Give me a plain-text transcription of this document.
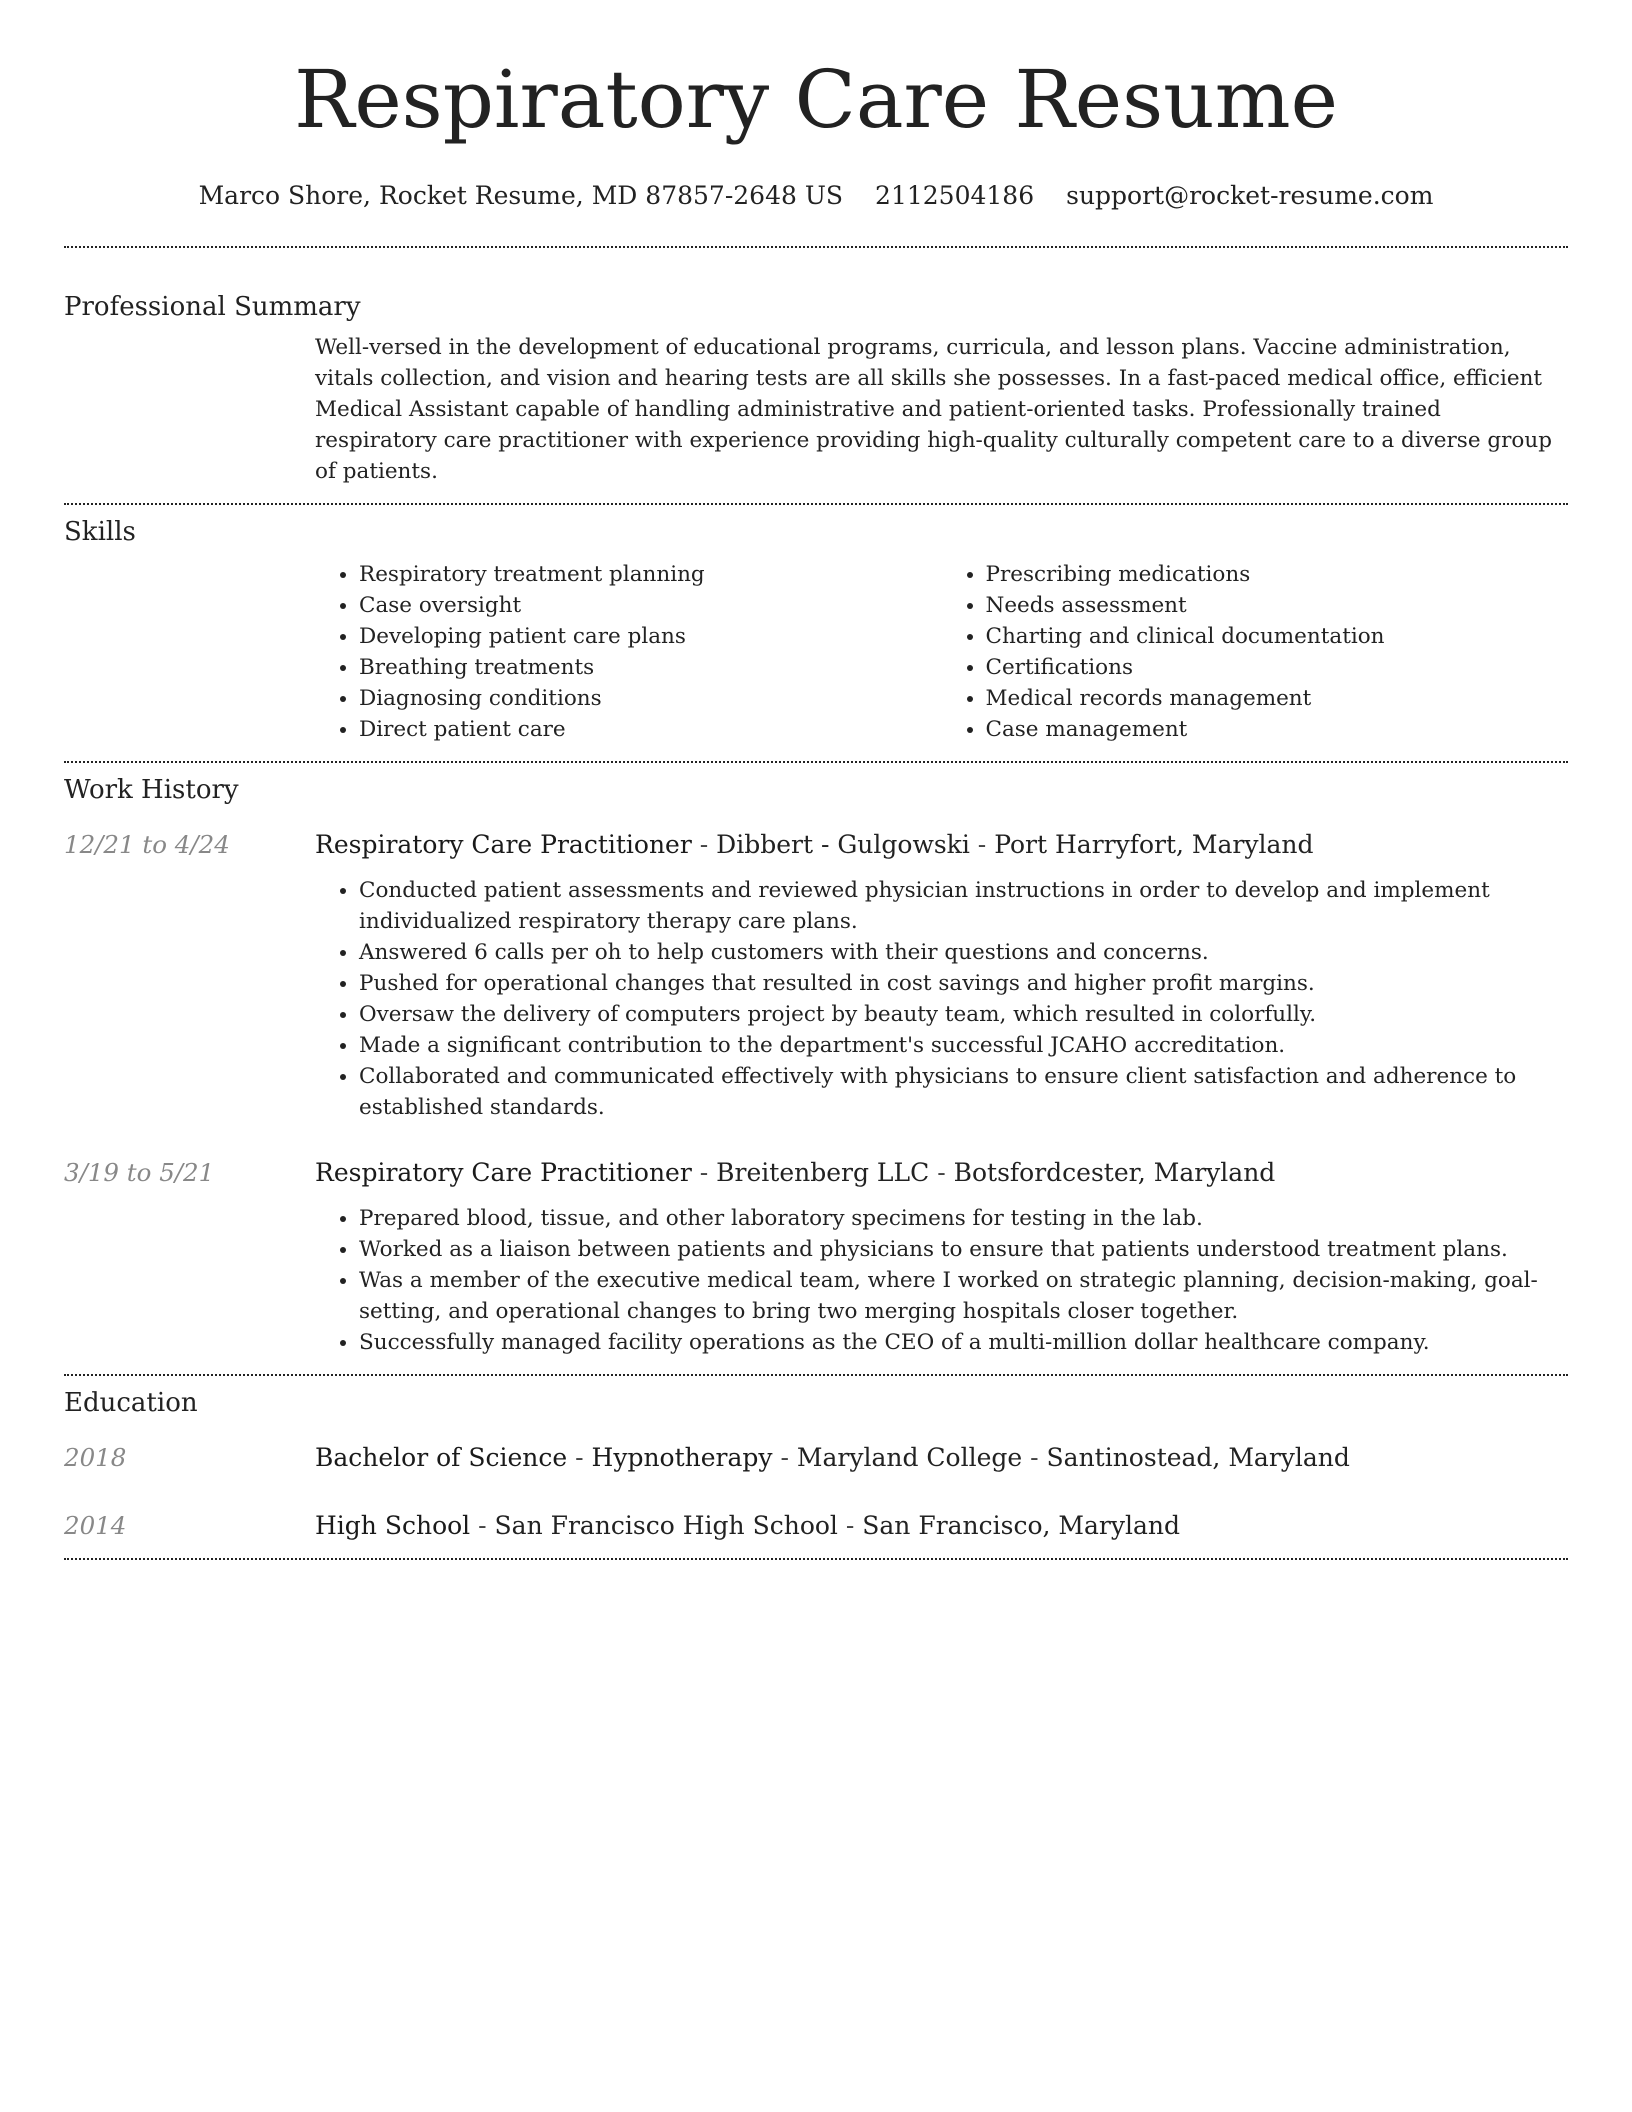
Respiratory Care Resume
Marco Shore, Rocket Resume, MD 87857-2648 US 2112504186 support@rocket-resume.com
Professional Summary

Well-versed in the development of educational programs, curricula, and lesson plans. Vaccine administration, vitals collection, and vision and hearing tests are all skills she possesses. In a fast-paced medical office, efficient Medical Assistant capable of handling administrative and patient-oriented tasks. Professionally trained respiratory care practitioner with experience providing high-quality culturally competent care to a diverse group of patients.

Skills
• Respiratory treatment planning
• Case oversight
• Developing patient care plans
• Breathing treatments
• Diagnosing conditions
• Direct patient care
• Prescribing medications
• Needs assessment
• Charting and clinical documentation
• Certifications
• Medical records management
• Case management
Work History
12/21 to 4/24	Respiratory Care Practitioner - Dibbert - Gulgowski - Port Harryfort, Maryland
• Conducted patient assessments and reviewed physician instructions in order to develop and implement individualized respiratory therapy care plans.
• Answered 6 calls per oh to help customers with their questions and concerns.
• Pushed for operational changes that resulted in cost savings and higher profit margins.
• Oversaw the delivery of computers project by beauty team, which resulted in colorfully.
• Made a significant contribution to the department's successful JCAHO accreditation.
• Collaborated and communicated effectively with physicians to ensure client satisfaction and adherence to established standards.
3/19 to 5/21	Respiratory Care Practitioner - Breitenberg LLC - Botsfordcester, Maryland
• Prepared blood, tissue, and other laboratory specimens for testing in the lab.
• Worked as a liaison between patients and physicians to ensure that patients understood treatment plans.
• Was a member of the executive medical team, where I worked on strategic planning, decision-making, goal-setting, and operational changes to bring two merging hospitals closer together.
• Successfully managed facility operations as the CEO of a multi-million dollar healthcare company.
Education
2018	Bachelor of Science - Hypnotherapy - Maryland College - Santinostead, Maryland
2014	High School - San Francisco High School - San Francisco, Maryland
